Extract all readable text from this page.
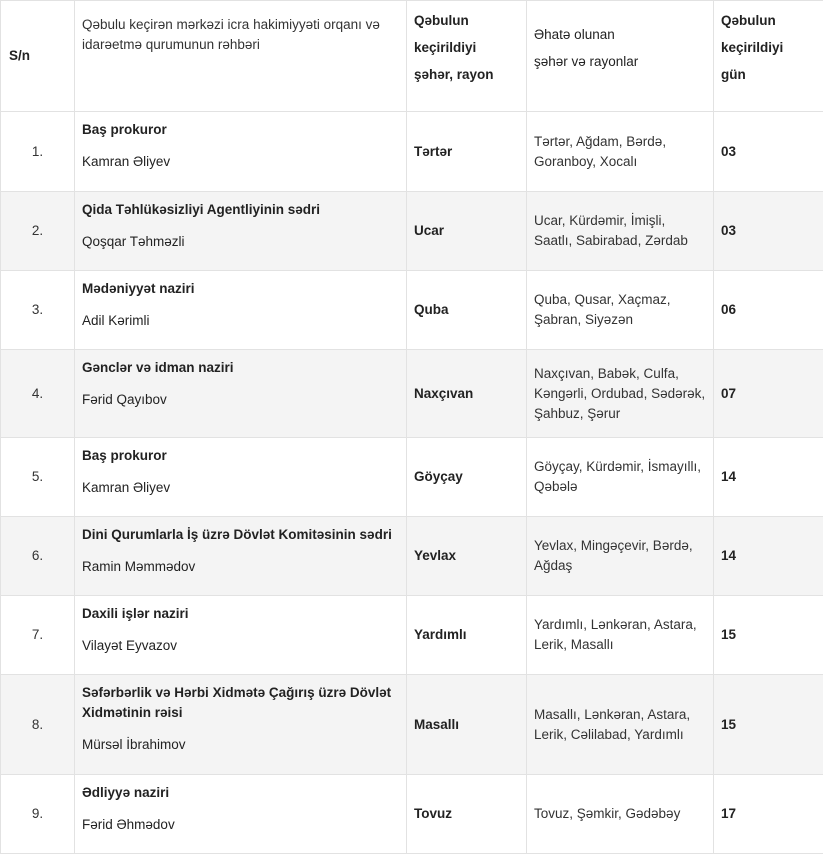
S/n	Qəbulu keçirən mərkəzi icra hakimiyyəti orqanı və idarəetmə qurumunun rəhbəri	Qəbulun
keçirildiyi
şəhər, rayon	Əhatə olunan
şəhər və rayonlar	Qəbulun
keçirildiyi
gün

1.	Baş prokuror
Kamran Əliyev	Tərtər	Tərtər, Ağdam, Bərdə, Goranboy, Xocalı	03
2.	Qida Təhlükəsizliyi Agentliyinin sədri
Qoşqar Təhməzli	Ucar	Ucar, Kürdəmir, İmişli, Saatlı, Sabirabad, Zərdab	03
3.	Mədəniyyət naziri
Adil Kərimli	Quba	Quba, Qusar, Xaçmaz, Şabran, Siyəzən	06
4.	Gənclər və idman naziri
Fərid Qayıbov	Naxçıvan	Naxçıvan, Babək, Culfa, Kəngərli, Ordubad, Sədərək, Şahbuz, Şərur	07
5.	Baş prokuror
Kamran Əliyev	Göyçay	Göyçay, Kürdəmir, İsmayıllı, Qəbələ	14
6.	Dini Qurumlarla İş üzrə Dövlət Komitəsinin sədri
Ramin Məmmədov	Yevlax	Yevlax, Mingəçevir, Bərdə, Ağdaş	14
7.	Daxili işlər naziri
Vilayət Eyvazov	Yardımlı	Yardımlı, Lənkəran, Astara, Lerik, Masallı	15
8.	Səfərbərlik və Hərbi Xidmətə Çağırış üzrə Dövlət Xidmətinin rəisi
Mürsəl İbrahimov	Masallı	Masallı, Lənkəran, Astara, Lerik, Cəlilabad, Yardımlı	15
9.	Ədliyyə naziri
Fərid Əhmədov	Tovuz	Tovuz, Şəmkir, Gədəbəy	17
